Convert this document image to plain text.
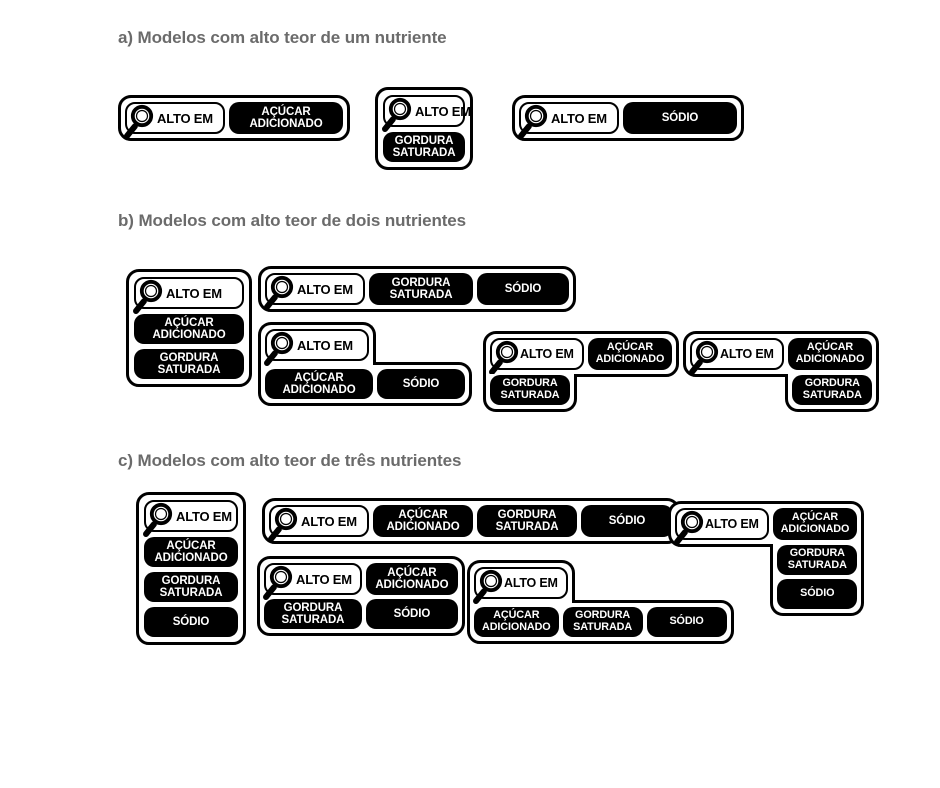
a) Modelos com alto teor de um nutriente
ALTO EM	AÇÚCAR
ADICIONADO
ALTO EM
GORDURA
SATURADA
ALTO EM	SÓDIO
b) Modelos com alto teor de dois nutrientes
ALTO EM
AÇÚCAR
ADICIONADO
GORDURA
SATURADA
ALTO EM	GORDURA
SATURADA
SÓDIO
ALTO EM
AÇÚCAR
ADICIONADO
SÓDIO
ALTO EM	AÇÚCAR
ADICIONADO
GORDURA
SATURADA
ALTO EM	AÇÚCAR
ADICIONADO
GORDURA
SATURADA
c) Modelos com alto teor de três nutrientes
ALTO EM
AÇÚCAR
ADICIONADO
GORDURA
SATURADA
SÓDIO
ALTO EM	AÇÚCAR
ADICIONADO
GORDURA
SATURADA
SÓDIO
ALTO EM	AÇÚCAR
ADICIONADO
GORDURA
SATURADA
SÓDIO
ALTO EM
AÇÚCAR
ADICIONADO
GORDURA
SATURADA	SÓDIO
ALTO EM	AÇÚCAR
ADICIONADO
GORDURA
SATURADA
SÓDIO
